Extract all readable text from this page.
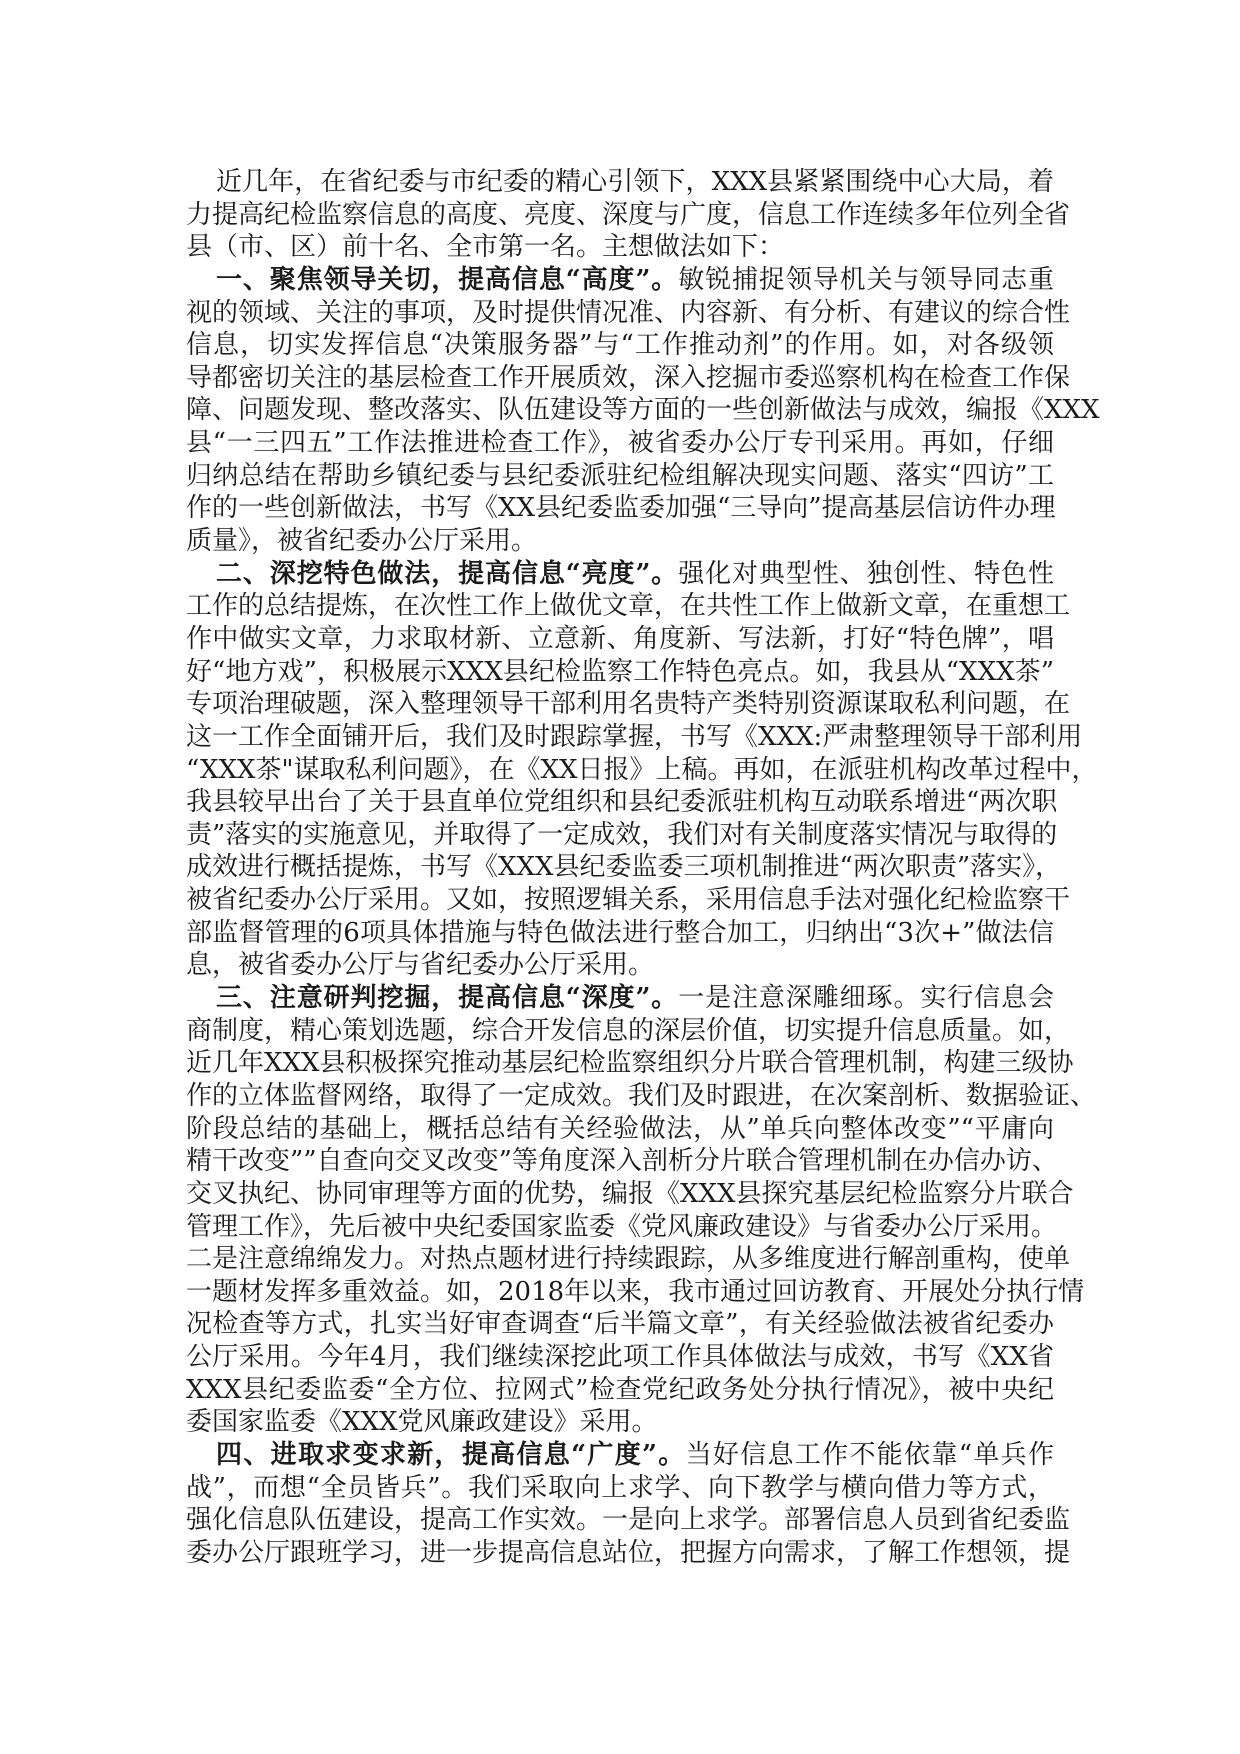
近几年，在省纪委与市纪委的精心引领下，XXX县紧紧围绕中心大局，着
力提高纪检监察信息的高度、亮度、深度与广度，信息工作连续多年位列全省
县（市、区）前十名、全市第一名。主想做法如下：
一、聚焦领导关切，提高信息“高度”。敏锐捕捉领导机关与领导同志重
视的领域、关注的事项，及时提供情况准、内容新、有分析、有建议的综合性
信息，切实发挥信息“决策服务器”与“工作推动剂”的作用。如，对各级领
导都密切关注的基层检查工作开展质效，深入挖掘市委巡察机构在检查工作保
障、问题发现、整改落实、队伍建设等方面的一些创新做法与成效，编报《XXX
县“一三四五”工作法推进检查工作》，被省委办公厅专刊采用。再如，仔细
归纳总结在帮助乡镇纪委与县纪委派驻纪检组解决现实问题、落实“四访”工
作的一些创新做法，书写《XX县纪委监委加强“三导向”提高基层信访件办理
质量》，被省纪委办公厅采用。
二、深挖特色做法，提高信息“亮度”。强化对典型性、独创性、特色性
工作的总结提炼，在次性工作上做优文章，在共性工作上做新文章，在重想工
作中做实文章，力求取材新、立意新、角度新、写法新，打好“特色牌”，唱
好“地方戏”，积极展示XXX县纪检监察工作特色亮点。如，我县从“XXX茶”
专项治理破题，深入整理领导干部利用名贵特产类特别资源谋取私利问题，在
这一工作全面铺开后，我们及时跟踪掌握，书写《XXX:严肃整理领导干部利用
“XXX茶"谋取私利问题》，在《XX日报》上稿。再如，在派驻机构改革过程中，
我县较早出台了关于县直单位党组织和县纪委派驻机构互动联系增进“两次职
责”落实的实施意见，并取得了一定成效，我们对有关制度落实情况与取得的
成效进行概括提炼，书写《XXX县纪委监委三项机制推进“两次职责”落实》，
被省纪委办公厅采用。又如，按照逻辑关系，采用信息手法对强化纪检监察干
部监督管理的6项具体措施与特色做法进行整合加工，归纳出“3次+”做法信
息，被省委办公厅与省纪委办公厅采用。
三、注意研判挖掘，提高信息“深度”。一是注意深雕细琢。实行信息会
商制度，精心策划选题，综合开发信息的深层价值，切实提升信息质量。如，
近几年XXX县积极探究推动基层纪检监察组织分片联合管理机制，构建三级协
作的立体监督网络，取得了一定成效。我们及时跟进，在次案剖析、数据验证、
阶段总结的基础上，概括总结有关经验做法，从”单兵向整体改变”“平庸向
精干改变””自查向交叉改变”等角度深入剖析分片联合管理机制在办信办访、
交叉执纪、协同审理等方面的优势，编报《XXX县探究基层纪检监察分片联合
管理工作》，先后被中央纪委国家监委《党风廉政建设》与省委办公厅采用。
二是注意绵绵发力。对热点题材进行持续跟踪，从多维度进行解剖重构，使单
一题材发挥多重效益。如，2018年以来，我市通过回访教育、开展处分执行情
况检查等方式，扎实当好审查调查“后半篇文章”，有关经验做法被省纪委办
公厅采用。今年4月，我们继续深挖此项工作具体做法与成效，书写《XX省
XXX县纪委监委“全方位、拉网式”检查党纪政务处分执行情况》，被中央纪
委国家监委《XXX党风廉政建设》采用。
四、进取求变求新，提高信息“广度”。当好信息工作不能依靠“单兵作
战”，而想“全员皆兵”。我们采取向上求学、向下教学与横向借力等方式，
强化信息队伍建设，提高工作实效。一是向上求学。部署信息人员到省纪委监
委办公厅跟班学习，进一步提高信息站位，把握方向需求，了解工作想领，提
